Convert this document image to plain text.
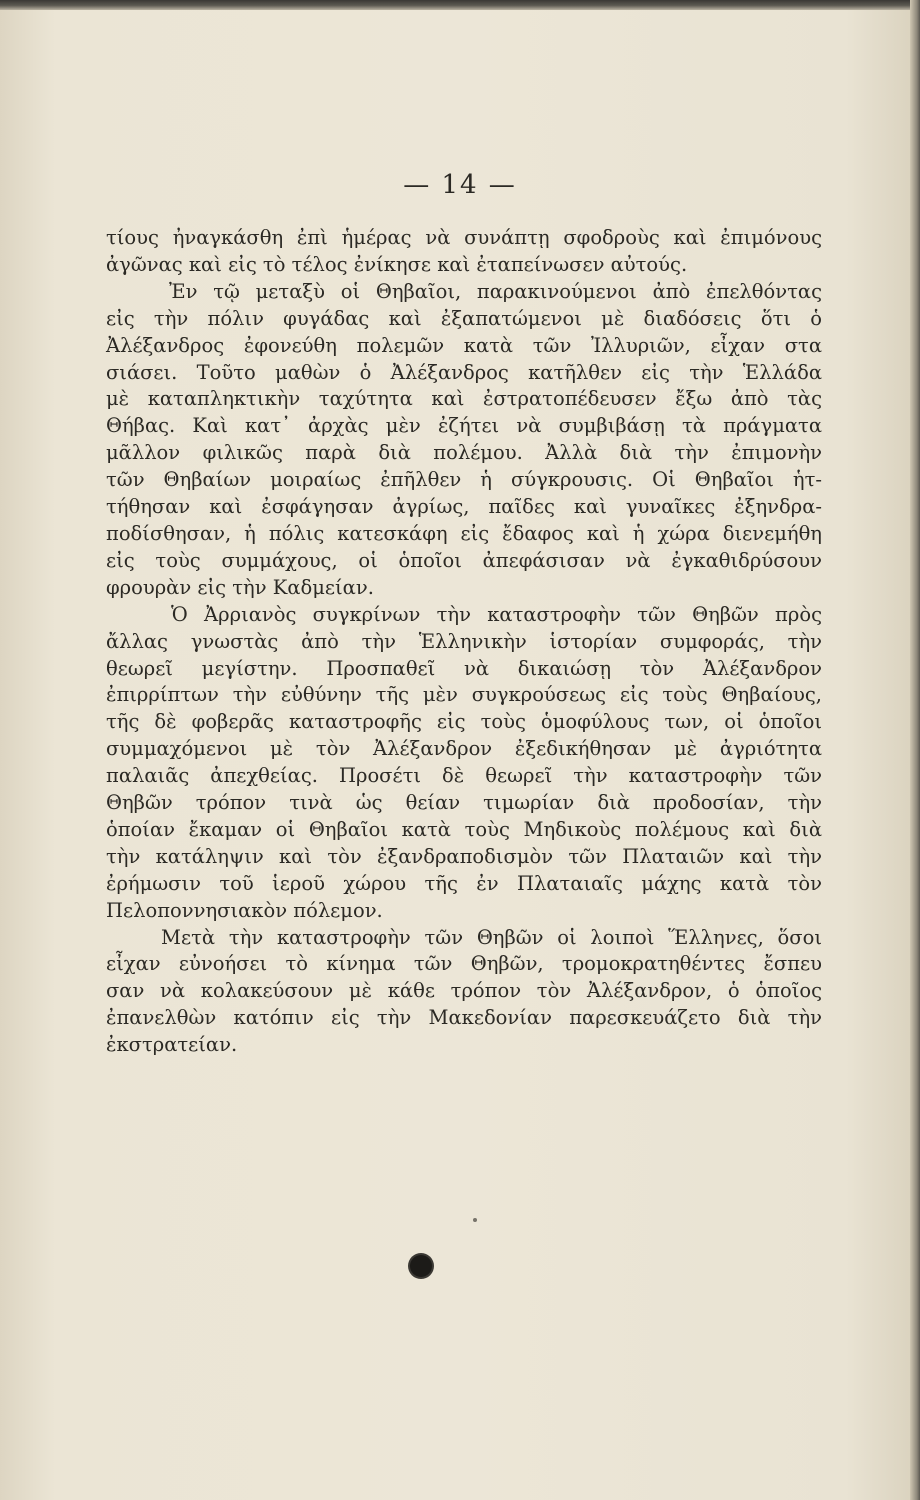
— 14 —
τίους ἠναγκάσθη ἐπὶ ἡμέρας νὰ συνάπτῃ σφοδροὺς καὶ ἐπιμόνους
ἀγῶνας καὶ εἰς τὸ τέλος ἐνίκησε καὶ ἐταπείνωσεν αὐτούς.
Ἐν τῷ μεταξὺ οἱ Θηβαῖοι, παρακινούμενοι ἀπὸ ἐπελθόντας
εἰς τὴν πόλιν φυγάδας καὶ ἐξαπατώμενοι μὲ διαδόσεις ὅτι ὁ
Ἀλέξανδρος ἐφονεύθη πολεμῶν κατὰ τῶν Ἰλλυριῶν, εἶχαν στα
σιάσει. Τοῦτο μαθὼν ὁ Ἀλέξανδρος κατῆλθεν εἰς τὴν Ἑλλάδα
μὲ καταπληκτικὴν ταχύτητα καὶ ἐστρατοπέδευσεν ἔξω ἀπὸ τὰς
Θήβας. Καὶ κατ᾿ ἀρχὰς μὲν ἐζήτει νὰ συμβιβάσῃ τὰ πράγματα
μᾶλλον φιλικῶς παρὰ διὰ πολέμου. Ἀλλὰ διὰ τὴν ἐπιμονὴν
τῶν Θηβαίων μοιραίως ἐπῆλθεν ἡ σύγκρουσις. Οἱ Θηβαῖοι ἡτ-
τήθησαν καὶ ἐσφάγησαν ἀγρίως, παῖδες καὶ γυναῖκες ἐξηνδρα-
ποδίσθησαν, ἡ πόλις κατεσκάφη εἰς ἔδαφος καὶ ἡ χώρα διενεμήθη
εἰς τοὺς συμμάχους, οἱ ὁποῖοι ἀπεφάσισαν νὰ ἐγκαθιδρύσουν
φρουρὰν εἰς τὴν Καδμείαν.
Ὁ Ἀρριανὸς συγκρίνων τὴν καταστροφὴν τῶν Θηβῶν πρὸς
ἄλλας γνωστὰς ἀπὸ τὴν Ἑλληνικὴν ἱστορίαν συμφοράς, τὴν
θεωρεῖ μεγίστην. Προσπαθεῖ νὰ δικαιώσῃ τὸν Ἀλέξανδρον
ἐπιρρίπτων τὴν εὐθύνην τῆς μὲν συγκρούσεως εἰς τοὺς Θηβαίους,
τῆς δὲ φοβερᾶς καταστροφῆς εἰς τοὺς ὁμοφύλους των, οἱ ὁποῖοι
συμμαχόμενοι μὲ τὸν Ἀλέξανδρον ἐξεδικήθησαν μὲ ἀγριότητα
παλαιᾶς ἀπεχθείας. Προσέτι δὲ θεωρεῖ τὴν καταστροφὴν τῶν
Θηβῶν τρόπον τινὰ ὡς θείαν τιμωρίαν διὰ προδοσίαν, τὴν
ὁποίαν ἔκαμαν οἱ Θηβαῖοι κατὰ τοὺς Μηδικοὺς πολέμους καὶ διὰ
τὴν κατάληψιν καὶ τὸν ἐξανδραποδισμὸν τῶν Πλαταιῶν καὶ τὴν
ἐρήμωσιν τοῦ ἱεροῦ χώρου τῆς ἐν Πλαταιαῖς μάχης κατὰ τὸν
Πελοποννησιακὸν πόλεμον.
Μετὰ τὴν καταστροφὴν τῶν Θηβῶν οἱ λοιποὶ Ἕλληνες, ὅσοι
εἶχαν εὐνοήσει τὸ κίνημα τῶν Θηβῶν, τρομοκρατηθέντες ἔσπευ
σαν νὰ κολακεύσουν μὲ κάθε τρόπον τὸν Ἀλέξανδρον, ὁ ὁποῖος
ἐπανελθὼν κατόπιν εἰς τὴν Μακεδονίαν παρεσκευάζετο διὰ τὴν
ἐκστρατείαν.
